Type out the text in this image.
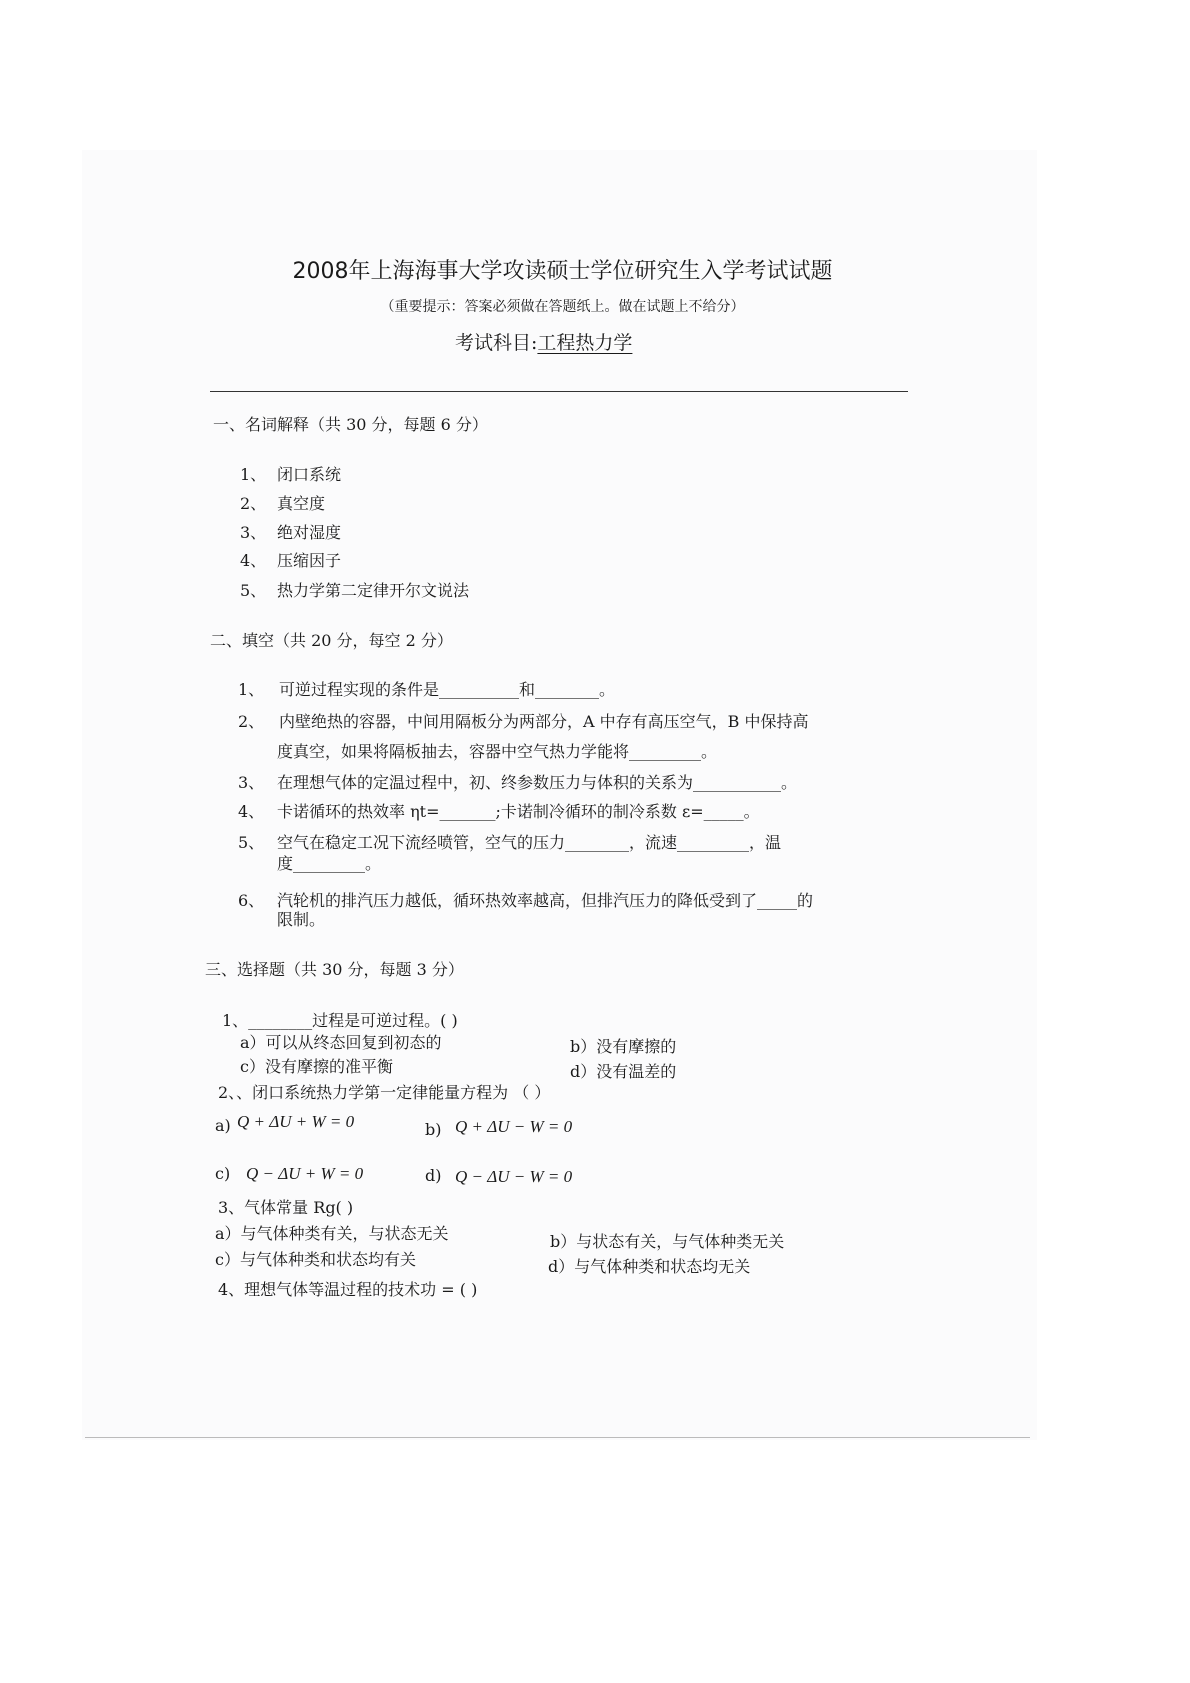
2008年上海海事大学攻读硕士学位研究生入学考试试题
（重要提示：答案必须做在答题纸上。做在试题上不给分）
考试科目:工程热力学
一、名词解释（共 30 分，每题 6 分）
1、 闭口系统
2、 真空度
3、 绝对湿度
4、 压缩因子
5、 热力学第二定律开尔文说法
二、填空（共 20 分，每空 2 分）
1、 可逆过程实现的条件是__________和________。
2、 内壁绝热的容器，中间用隔板分为两部分，A 中存有高压空气，B 中保持高
度真空，如果将隔板抽去，容器中空气热力学能将_________。
3、 在理想气体的定温过程中，初、终参数压力与体积的关系为___________。
4、 卡诺循环的热效率 ηt=_______;卡诺制冷循环的制冷系数 ε=_____。
5、 空气在稳定工况下流经喷管，空气的压力________，流速_________，温
度_________。
6、 汽轮机的排汽压力越低，循环热效率越高，但排汽压力的降低受到了_____的
限制。
三、选择题（共 30 分，每题 3 分）
1、________过程是可逆过程。( )
a）可以从终态回复到初态的	b）没有摩擦的
c）没有摩擦的准平衡	d）没有温差的
2、、闭口系统热力学第一定律能量方程为 （ ）
a) Q + ΔU + W = 0	b) Q + ΔU − W = 0
c) Q − ΔU + W = 0	d) Q − ΔU − W = 0
3、气体常量 Rg( )
a）与气体种类有关，与状态无关	b）与状态有关，与气体种类无关
c）与气体种类和状态均有关	d）与气体种类和状态均无关
4、理想气体等温过程的技术功 = ( )
